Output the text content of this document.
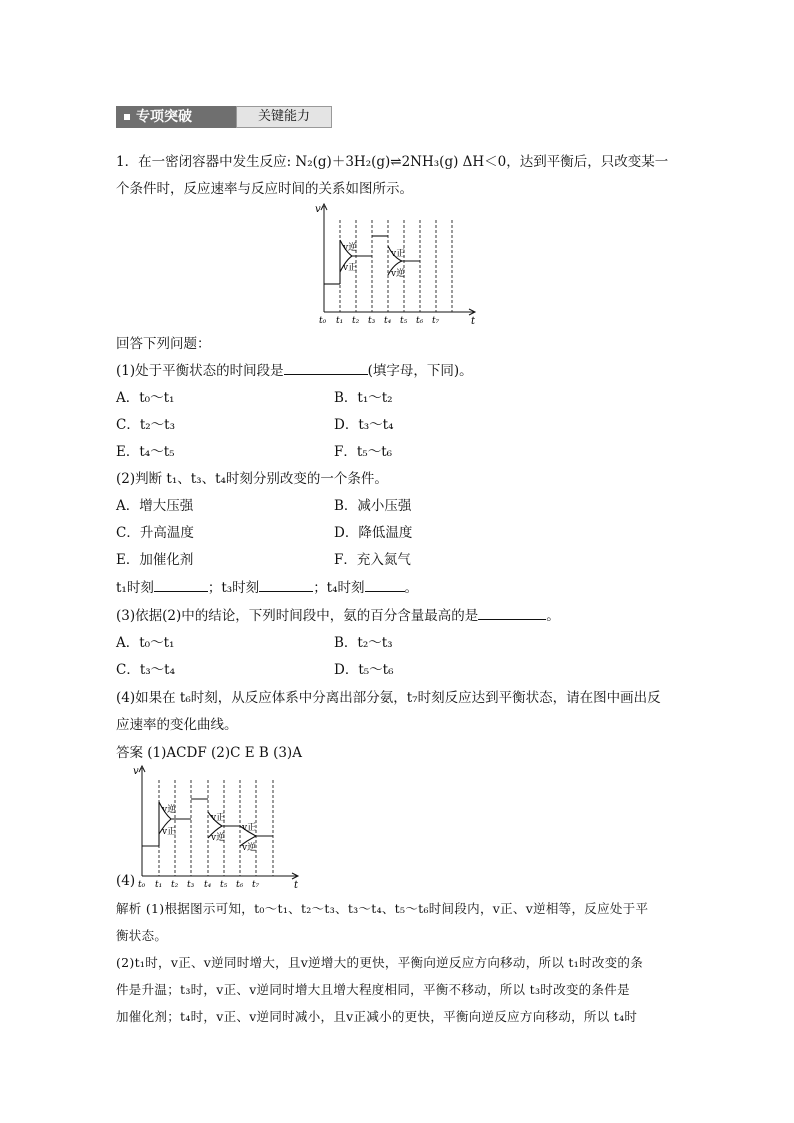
专项突破	关键能力
1．在一密闭容器中发生反应: N₂(g)＋3H₂(g)⇌2NH₃(g) ΔH＜0，达到平衡后，只改变某一
个条件时，反应速率与反应时间的关系如图所示。
v逆
v正
v正
v逆
v
t
t₀ t₁ t₂ t₃ t₄ t₅ t₆ t₇
回答下列问题：
(1)处于平衡状态的时间段是	(填字母，下同)。
A．t₀～t₁	B．t₁～t₂
C．t₂～t₃	D．t₃～t₄
E．t₄～t₅	F．t₅～t₆
(2)判断 t₁、t₃、t₄时刻分别改变的一个条件。
A．增大压强	B．减小压强
C．升高温度	D．降低温度
E．加催化剂	F．充入氮气
t₁时刻	；t₃时刻	；t₄时刻	。
(3)依据(2)中的结论，下列时间段中，氨的百分含量最高的是	。
A．t₀～t₁	B．t₂～t₃
C．t₃～t₄	D．t₅～t₆
(4)如果在 t₆时刻，从反应体系中分离出部分氨，t₇时刻反应达到平衡状态，请在图中画出反
应速率的变化曲线。
答案 (1)ACDF (2)C E B (3)A
(4)
v逆
v正
v正
v逆
v正
v逆
v
t
t₀ t₁ t₂ t₃ t₄ t₅ t₆ t₇
解析 (1)根据图示可知，t₀～t₁、t₂～t₃、t₃～t₄、t₅～t₆时间段内，v正、v逆相等，反应处于平
衡状态。
(2)t₁时，v正、v逆同时增大，且v逆增大的更快，平衡向逆反应方向移动，所以 t₁时改变的条
件是升温；t₃时，v正、v逆同时增大且增大程度相同，平衡不移动，所以 t₃时改变的条件是
加催化剂；t₄时，v正、v逆同时减小，且v正减小的更快，平衡向逆反应方向移动，所以 t₄时
